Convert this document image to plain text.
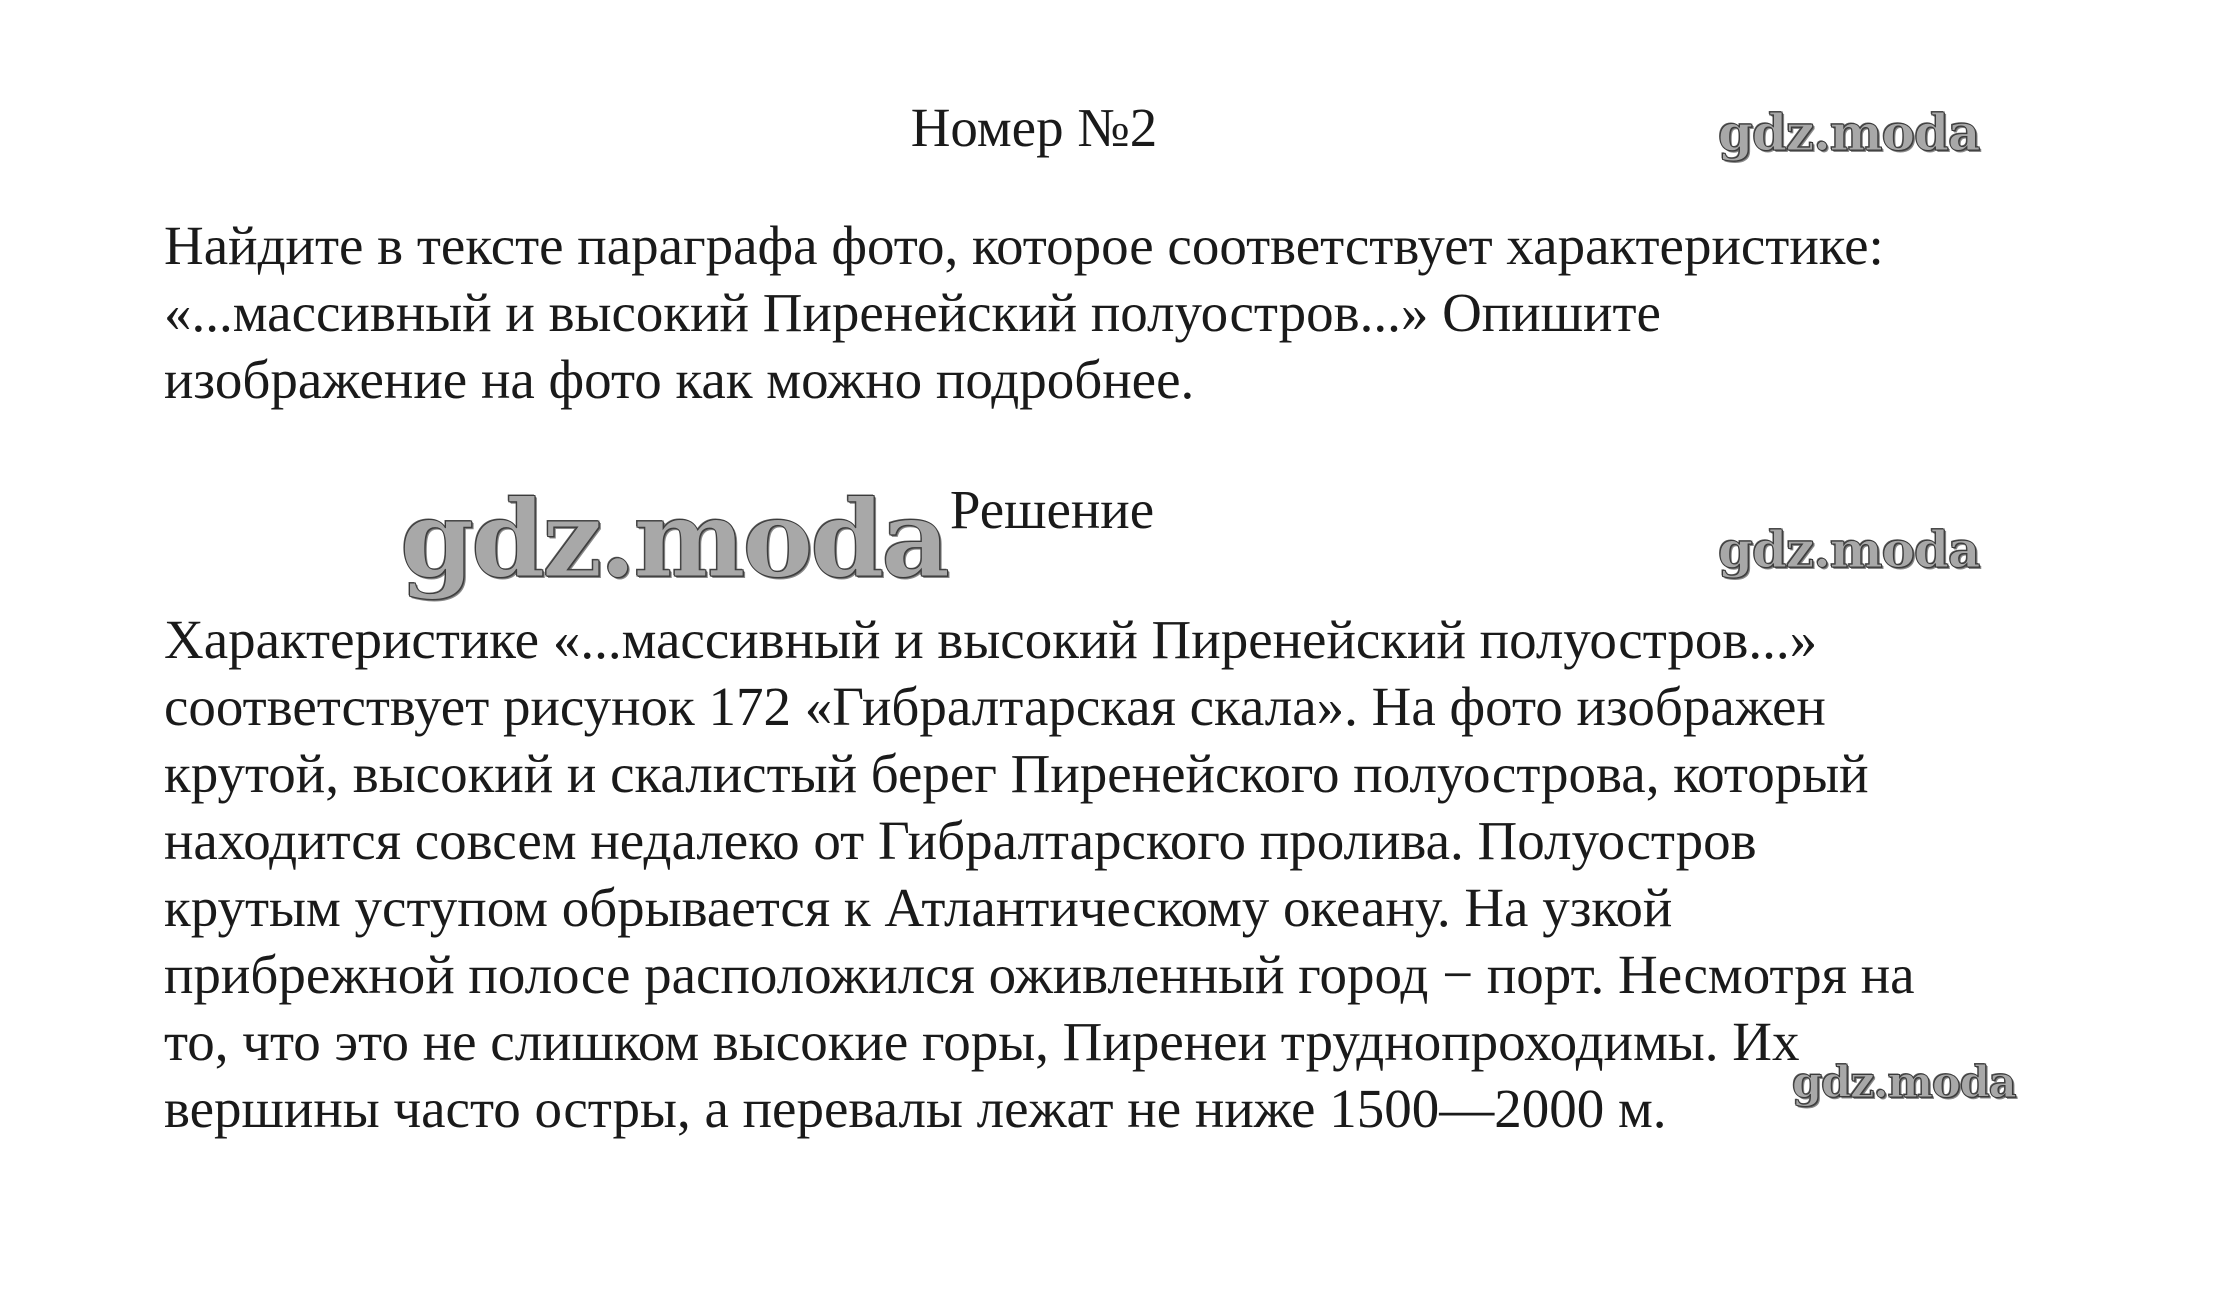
Номер №2	gdz.moda
Найдите в тексте параграфа фото, которое соответствует характеристике:
«...массивный и высокий Пиренейский полуостров...» Опишите
изображение на фото как можно подробнее.
gdz.moda Решение
gdz.moda
Характеристике «...массивный и высокий Пиренейский полуостров...»
соответствует рисунок 172 «Гибралтарская скала». На фото изображен
крутой, высокий и скалистый берег Пиренейского полуострова, который
находится совсем недалеко от Гибралтарского пролива. Полуостров
крутым уступом обрывается к Атлантическому океану. На узкой
прибрежной полосе расположился оживленный город − порт. Несмотря на
то, что это не слишком высокие горы, Пиренеи труднопроходимы. Их
вершины часто остры, а перевалы лежат не ниже 1500—2000 м.	gdz.moda
